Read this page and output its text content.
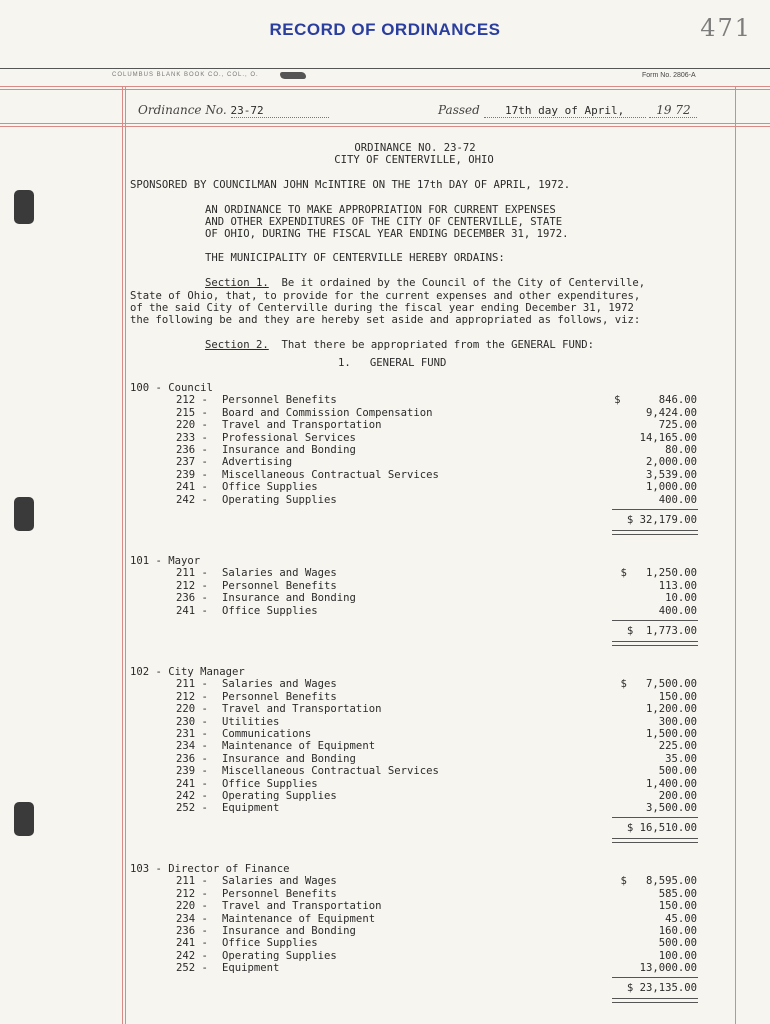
RECORD OF ORDINANCES	471
COLUMBUS BLANK BOOK CO., COL., O.	Form No. 2806-A
Ordinance No. 23-72	Passed 17th day of April,	19 72
ORDINANCE NO. 23-72
CITY OF CENTERVILLE, OHIO
SPONSORED BY COUNCILMAN JOHN McINTIRE ON THE 17th DAY OF APRIL, 1972.
AN ORDINANCE TO MAKE APPROPRIATION FOR CURRENT EXPENSES
AND OTHER EXPENDITURES OF THE CITY OF CENTERVILLE, STATE
OF OHIO, DURING THE FISCAL YEAR ENDING DECEMBER 31, 1972.
THE MUNICIPALITY OF CENTERVILLE HEREBY ORDAINS:
Section 1.  Be it ordained by the Council of the City of Centerville,
State of Ohio, that, to provide for the current expenses and other expenditures,
of the said City of Centerville during the fiscal year ending December 31, 1972
the following be and they are hereby set aside and appropriated as follows, viz:
Section 2.  That there be appropriated from the GENERAL FUND:
1.   GENERAL FUND
100 - Council
212 - Personnel Benefits	$      846.00
215 - Board and Commission Compensation	9,424.00
220 - Travel and Transportation	725.00
233 - Professional Services	14,165.00
236 - Insurance and Bonding	80.00
237 - Advertising	2,000.00
239 - Miscellaneous Contractual Services	3,539.00
241 - Office Supplies	1,000.00
242 - Operating Supplies	400.00
$ 32,179.00
101 - Mayor
211 - Salaries and Wages	$   1,250.00
212 - Personnel Benefits	113.00
236 - Insurance and Bonding	10.00
241 - Office Supplies	400.00
$  1,773.00
102 - City Manager
211 - Salaries and Wages	$   7,500.00
212 - Personnel Benefits	150.00
220 - Travel and Transportation	1,200.00
230 - Utilities	300.00
231 - Communications	1,500.00
234 - Maintenance of Equipment	225.00
236 - Insurance and Bonding	35.00
239 - Miscellaneous Contractual Services	500.00
241 - Office Supplies	1,400.00
242 - Operating Supplies	200.00
252 - Equipment	3,500.00
$ 16,510.00
103 - Director of Finance
211 - Salaries and Wages	$   8,595.00
212 - Personnel Benefits	585.00
220 - Travel and Transportation	150.00
234 - Maintenance of Equipment	45.00
236 - Insurance and Bonding	160.00
241 - Office Supplies	500.00
242 - Operating Supplies	100.00
252 - Equipment	13,000.00
$ 23,135.00
